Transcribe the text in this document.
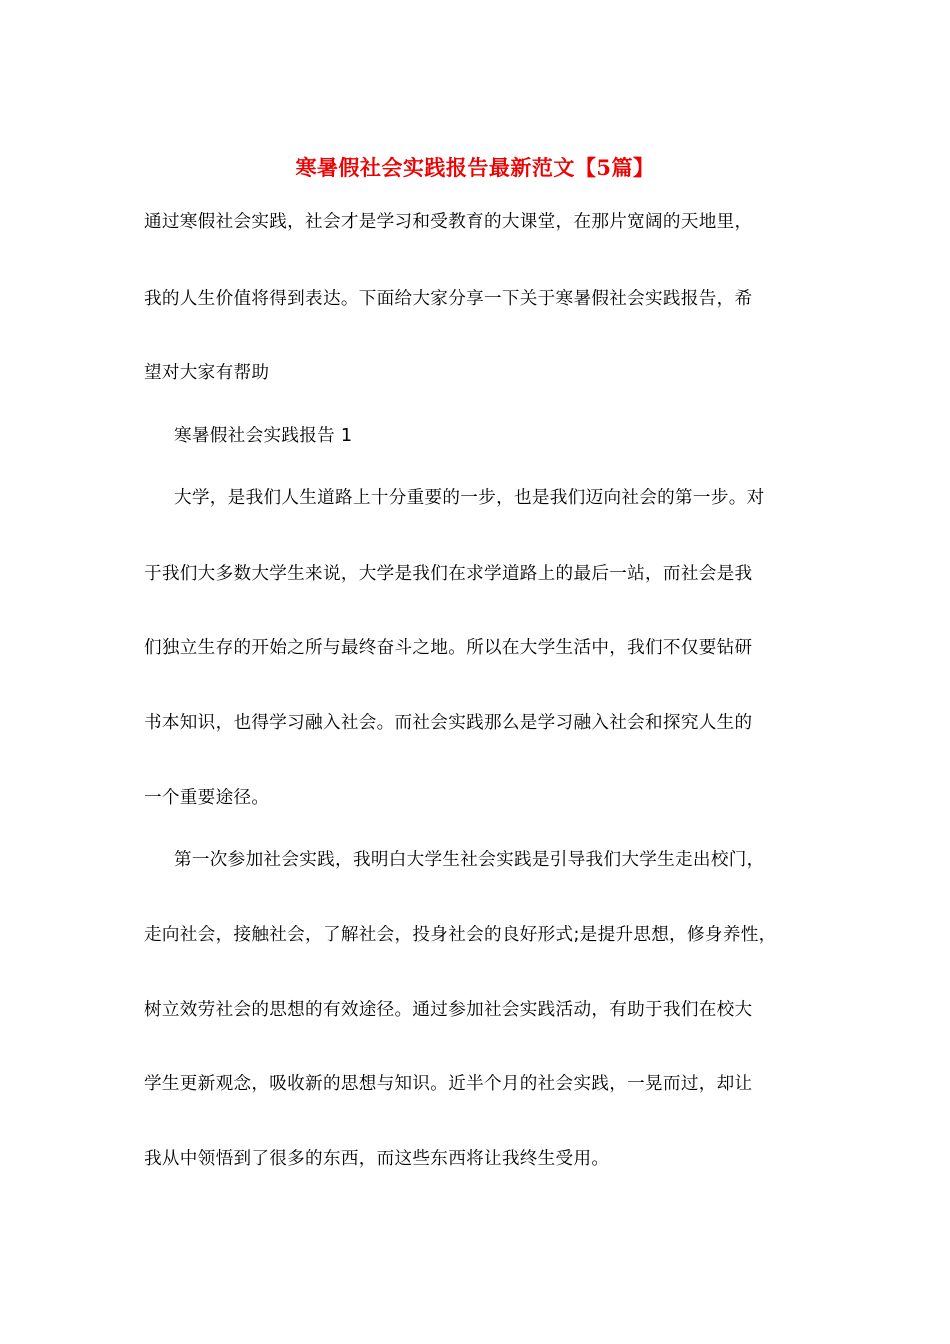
寒暑假社会实践报告最新范文【5篇】
通过寒假社会实践，社会才是学习和受教育的大课堂，在那片宽阔的天地里，
我的人生价值将得到表达。下面给大家分享一下关于寒暑假社会实践报告，希
望对大家有帮助
寒暑假社会实践报告 1
大学，是我们人生道路上十分重要的一步，也是我们迈向社会的第一步。对
于我们大多数大学生来说，大学是我们在求学道路上的最后一站，而社会是我
们独立生存的开始之所与最终奋斗之地。所以在大学生活中，我们不仅要钻研
书本知识，也得学习融入社会。而社会实践那么是学习融入社会和探究人生的
一个重要途径。
第一次参加社会实践，我明白大学生社会实践是引导我们大学生走出校门，
走向社会，接触社会，了解社会，投身社会的良好形式;是提升思想，修身养性，
树立效劳社会的思想的有效途径。通过参加社会实践活动，有助于我们在校大
学生更新观念，吸收新的思想与知识。近半个月的社会实践，一晃而过，却让
我从中领悟到了很多的东西，而这些东西将让我终生受用。
